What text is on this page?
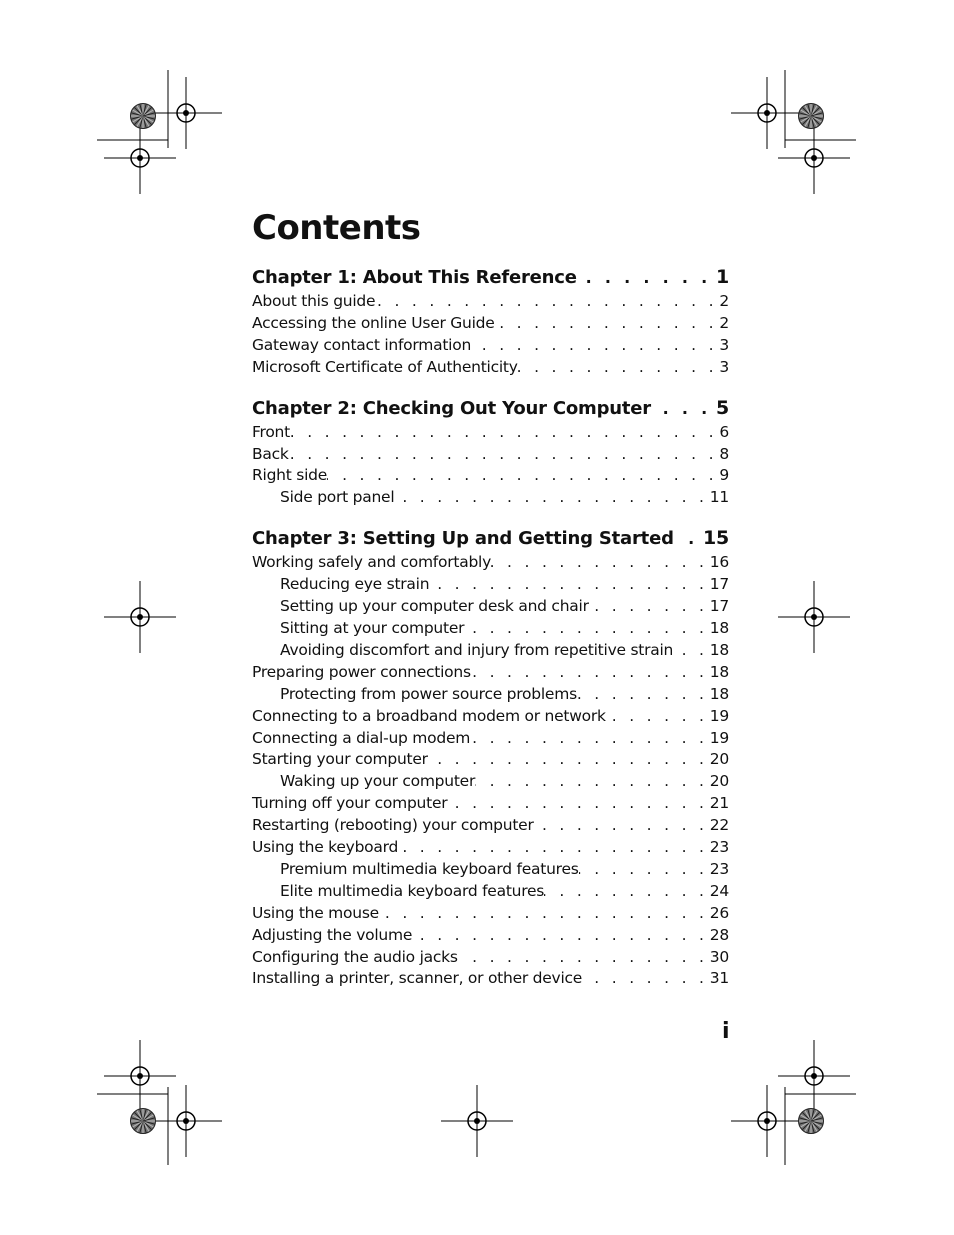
Contents
Chapter 1: About This Reference . . .	1
About this guide . . .	2
Accessing the online User Guide . . .	2
Gateway contact information . . .	3
Microsoft Certificate of Authenticity . . .	3
Chapter 2: Checking Out Your Computer . . .	5
Front . . .	6
Back . . .	8
Right side . . .	9
Side port panel . . .	11
Chapter 3: Setting Up and Getting Started . . . 15
Working safely and comfortably . . .	16
Reducing eye strain . . .	17
Setting up your computer desk and chair . . .	17
Sitting at your computer . . .	18
Avoiding discomfort and injury from repetitive strain . . . 18
Preparing power connections . . .	18
Protecting from power source problems . . .	18
Connecting to a broadband modem or network . . .	19
Connecting a dial-up modem . . .	19
Starting your computer . . .	20
Waking up your computer . . .	20
Turning off your computer . . .	21
Restarting (rebooting) your computer . . .	22
Using the keyboard . . .	23
Premium multimedia keyboard features . . .	23
Elite multimedia keyboard features . . .	24
Using the mouse . . .	26
Adjusting the volume . . .	28
Configuring the audio jacks . . .	30
Installing a printer, scanner, or other device . . .	31
i
